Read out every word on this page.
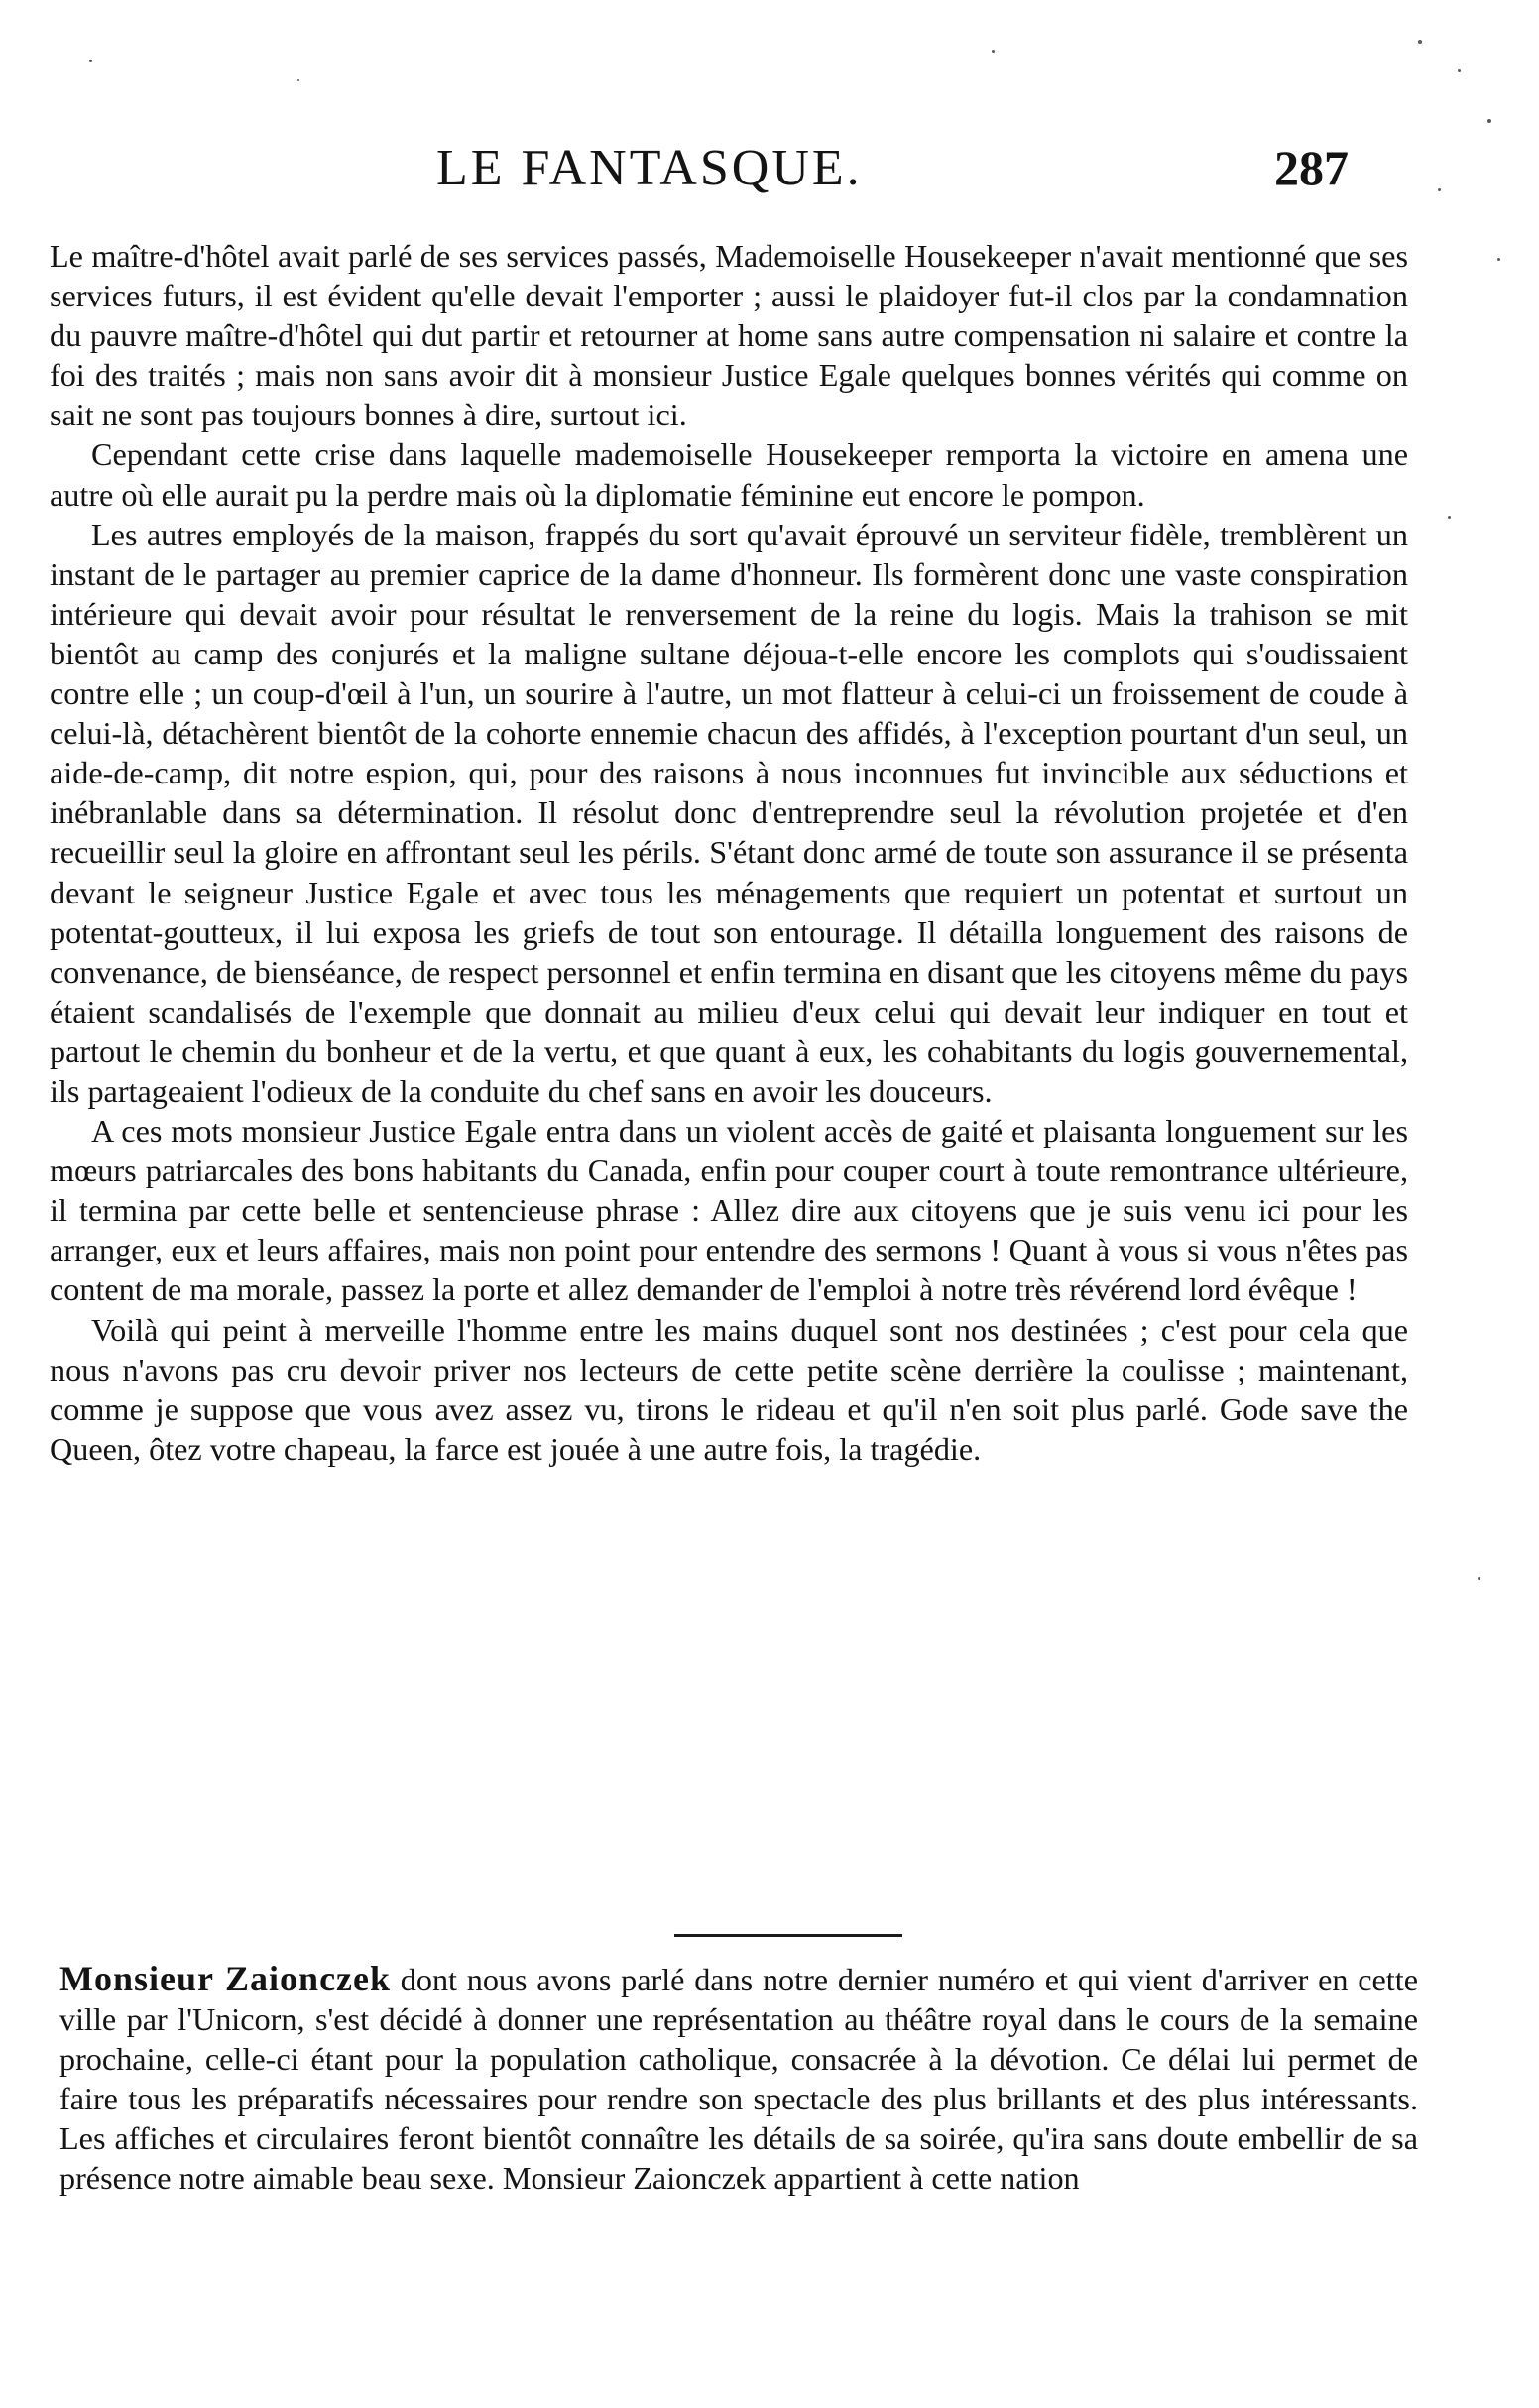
LE FANTASQUE.	287

Le maître-d'hôtel avait parlé de ses services passés, Mademoiselle Housekeeper n'avait mentionné que ses services futurs, il est évident qu'elle devait l'emporter ; aussi le plaidoyer fut-il clos par la condamnation du pauvre maître-d'hôtel qui dut partir et retourner at home sans autre compensation ni salaire et contre la foi des traités ; mais non sans avoir dit à monsieur Justice Egale quelques bonnes vérités qui comme on sait ne sont pas toujours bonnes à dire, surtout ici.

Cependant cette crise dans laquelle mademoiselle Housekeeper remporta la victoire en amena une autre où elle aurait pu la perdre mais où la diplomatie féminine eut encore le pompon.

Les autres employés de la maison, frappés du sort qu'avait éprouvé un serviteur fidèle, tremblèrent un instant de le partager au premier caprice de la dame d'honneur. Ils formèrent donc une vaste conspiration intérieure qui devait avoir pour résultat le renversement de la reine du logis. Mais la trahison se mit bientôt au camp des conjurés et la maligne sultane déjoua-t-elle encore les complots qui s'oudissaient contre elle ; un coup-d'œil à l'un, un sourire à l'autre, un mot flatteur à celui-ci un froissement de coude à celui-là, détachèrent bientôt de la cohorte ennemie chacun des affidés, à l'exception pourtant d'un seul, un aide-de-camp, dit notre espion, qui, pour des raisons à nous inconnues fut invincible aux séductions et inébranlable dans sa détermination. Il résolut donc d'entreprendre seul la révolution projetée et d'en recueillir seul la gloire en affrontant seul les périls. S'étant donc armé de toute son assurance il se présenta devant le seigneur Justice Egale et avec tous les ménagements que requiert un potentat et surtout un potentat-goutteux, il lui exposa les griefs de tout son entourage. Il détailla longuement des raisons de convenance, de bienséance, de respect personnel et enfin termina en disant que les citoyens même du pays étaient scandalisés de l'exemple que donnait au milieu d'eux celui qui devait leur indiquer en tout et partout le chemin du bonheur et de la vertu, et que quant à eux, les cohabitants du logis gouvernemental, ils partageaient l'odieux de la conduite du chef sans en avoir les douceurs.

A ces mots monsieur Justice Egale entra dans un violent accès de gaité et plaisanta longuement sur les mœurs patriarcales des bons habitants du Canada, enfin pour couper court à toute remontrance ultérieure, il termina par cette belle et sentencieuse phrase : Allez dire aux citoyens que je suis venu ici pour les arranger, eux et leurs affaires, mais non point pour entendre des sermons ! Quant à vous si vous n'êtes pas content de ma morale, passez la porte et allez demander de l'emploi à notre très révérend lord évêque !

Voilà qui peint à merveille l'homme entre les mains duquel sont nos destinées ; c'est pour cela que nous n'avons pas cru devoir priver nos lecteurs de cette petite scène derrière la coulisse ; maintenant, comme je suppose que vous avez assez vu, tirons le rideau et qu'il n'en soit plus parlé. Gode save the Queen, ôtez votre chapeau, la farce est jouée à une autre fois, la tragédie.

Monsieur Zaionczek dont nous avons parlé dans notre dernier numéro et qui vient d'arriver en cette ville par l'Unicorn, s'est décidé à donner une représentation au théâtre royal dans le cours de la semaine prochaine, celle-ci étant pour la population catholique, consacrée à la dévotion. Ce délai lui permet de faire tous les préparatifs nécessaires pour rendre son spectacle des plus brillants et des plus intéressants. Les affiches et circulaires feront bientôt connaître les détails de sa soirée, qu'ira sans doute embellir de sa présence notre aimable beau sexe. Monsieur Zaionczek appartient à cette nation
